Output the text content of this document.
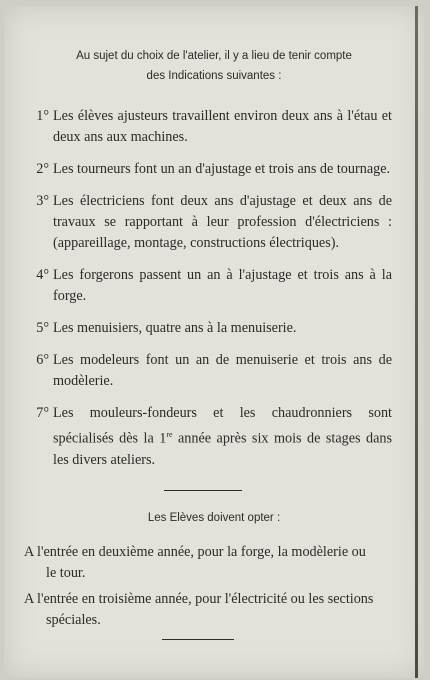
Au sujet du choix de l'atelier, il y a lieu de tenir compte
des Indications suivantes :
1° Les élèves ajusteurs travaillent environ deux ans à l'étau et deux ans aux machines.
2° Les tourneurs font un an d'ajustage et trois ans de tournage.
3° Les électriciens font deux ans d'ajustage et deux ans de travaux se rapportant à leur profession d'électriciens : (appareillage, montage, constructions électriques).
4° Les forgerons passent un an à l'ajustage et trois ans à la forge.
5° Les menuisiers, quatre ans à la menuiserie.
6° Les modeleurs font un an de menuiserie et trois ans de modèlerie.
7° Les mouleurs-fondeurs et les chaudronniers sont spécialisés dès la 1re année après six mois de stages dans les divers ateliers.
Les Elèves doivent opter :
A l'entrée en deuxième année, pour la forge, la modèlerie ou le tour.
A l'entrée en troisième année, pour l'électricité ou les sections spéciales.
